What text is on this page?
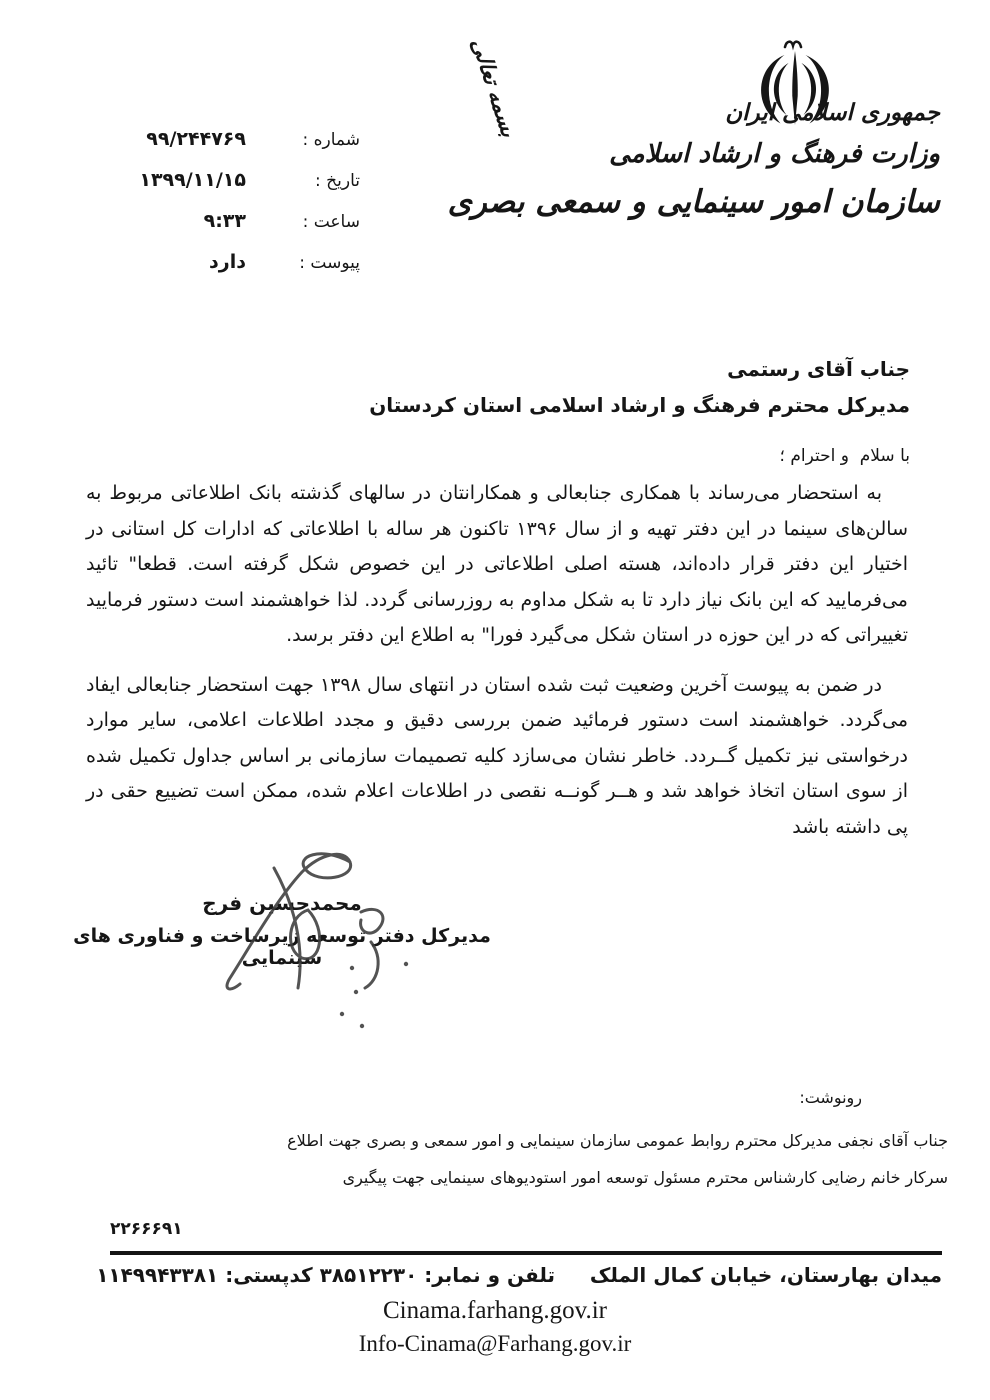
بسمه تعالی	جمهوری اسلامی ایران
وزارت فرهنگ و ارشاد اسلامی
سازمان امور سینمایی و سمعی بصری
شماره :
۹۹/۲۴۴۷۶۹
تاریخ :
۱۳۹۹/۱۱/۱۵
ساعت :
۹:۳۳
پیوست :
دارد
جناب آقای رستمی
مدیرکل محترم فرهنگ و ارشاد اسلامی استان کردستان
با سلام  و احترام ؛

به استحضار می‌رساند با همکاری جنابعالی و همکارانتان در سالهای گذشته بانک اطلاعاتی مربوط به سالن‌های سینما در این دفتر تهیه و از سال ۱۳۹۶ تاکنون هر ساله با اطلاعاتی که ادارات کل استانی در اختیار این دفتر قرار داده‌اند، هسته اصلی اطلاعاتی در این خصوص شکل گرفته است. قطعا" تائید می‌فرمایید که این بانک نیاز دارد تا به شکل مداوم به روزرسانی گردد. لذا خواهشمند است دستور فرمایید تغییراتی که در این حوزه در استان شکل می‌گیرد فورا" به اطلاع این دفتر برسد.

در ضمن به پیوست آخرین وضعیت ثبت شده استان در انتهای سال ۱۳۹۸ جهت استحضار جنابعالی ایفاد می‌گردد. خواهشمند است دستور فرمائید ضمن بررسی دقیق و مجدد اطلاعات اعلامی، سایر موارد درخواستی نیز تکمیل گــردد. خاطر نشان می‌سازد کلیه تصمیمات سازمانی بر اساس جداول تکمیل شده از سوی استان اتخاذ خواهد شد و هــر گونــه نقصی در اطلاعات اعلام شده، ممکن است تضییع حقی در پی داشته باشد

محمدحسین فرج
مدیرکل دفتر توسعه زیرساخت و فناوری های سینمایی
رونوشت:
جناب آقای نجفی مدیرکل محترم روابط عمومی سازمان سینمایی و امور سمعی و بصری جهت اطلاع
سرکار خانم رضایی کارشناس محترم مسئول توسعه امور استودیوهای سینمایی جهت پیگیری
۲۲۶۶۶۹۱
میدان بهارستان، خیابان کمال الملک     تلفن و نمابر: ۳۸۵۱۲۲۳۰ کدپستی: ۱۱۴۹۹۴۳۳۸۱
Cinama.farhang.gov.ir
Info-Cinama@Farhang.gov.ir
